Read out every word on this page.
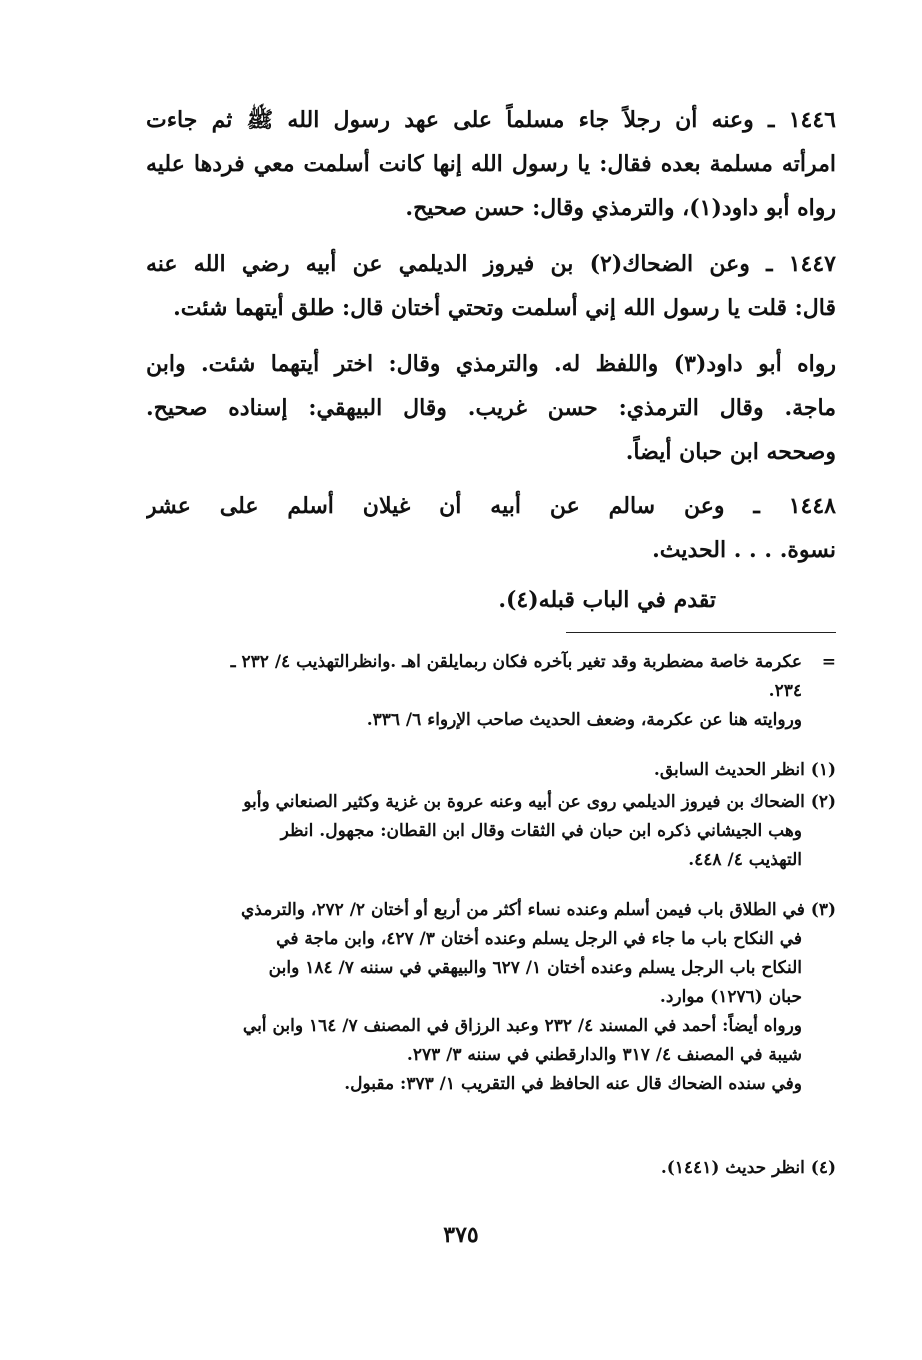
١٤٤٦ ـ وعنه أن رجلاً جاء مسلماً على عهد رسول الله ﷺ ثم جاءت
امرأته مسلمة بعده فقال: يا رسول الله إنها كانت أسلمت معي فردها عليه
رواه أبو داود(١)، والترمذي وقال: حسن صحيح.
١٤٤٧ ـ وعن الضحاك(٢) بن فيروز الديلمي عن أبيه رضي الله عنه
قال: قلت يا رسول الله إني أسلمت وتحتي أختان قال: طلق أيتهما شئت.
رواه أبو داود(٣) واللفظ له. والترمذي وقال: اختر أيتهما شئت. وابن
ماجة. وقال الترمذي: حسن غريب. وقال البيهقي: إسناده صحيح.
وصححه ابن حبان أيضاً.
١٤٤٨ ـ وعن سالم عن أبيه أن غيلان أسلم على عشر
نسوة. . . . الحديث.
تقدم في الباب قبله(٤).
=
عكرمة خاصة مضطربة وقد تغير بآخره فكان ربمايلقن اهـ .وانظرالتهذيب ٤/ ٢٣٢ ـ
٢٣٤.
وروايته هنا عن عكرمة، وضعف الحديث صاحب الإرواء ٦/ ٣٣٦.
(١) انظر الحديث السابق.
(٢) الضحاك بن فيروز الديلمي روى عن أبيه وعنه عروة بن غزية وكثير الصنعاني وأبو
وهب الجيشاني ذكره ابن حبان في الثقات وقال ابن القطان: مجهول. انظر
التهذيب ٤/ ٤٤٨.
(٣) في الطلاق باب فيمن أسلم وعنده نساء أكثر من أربع أو أختان ٢/ ٢٧٢، والترمذي
في النكاح باب ما جاء في الرجل يسلم وعنده أختان ٣/ ٤٢٧، وابن ماجة في
النكاح باب الرجل يسلم وعنده أختان ١/ ٦٢٧ والبيهقي في سننه ٧/ ١٨٤ وابن
حبان (١٢٧٦) موارد.
ورواه أيضاً: أحمد في المسند ٤/ ٢٣٢ وعبد الرزاق في المصنف ٧/ ١٦٤ وابن أبي
شيبة في المصنف ٤/ ٣١٧ والدارقطني في سننه ٣/ ٢٧٣.
وفي سنده الضحاك قال عنه الحافظ في التقريب ١/ ٣٧٣: مقبول.
(٤) انظر حديث (١٤٤١).
٣٧٥
